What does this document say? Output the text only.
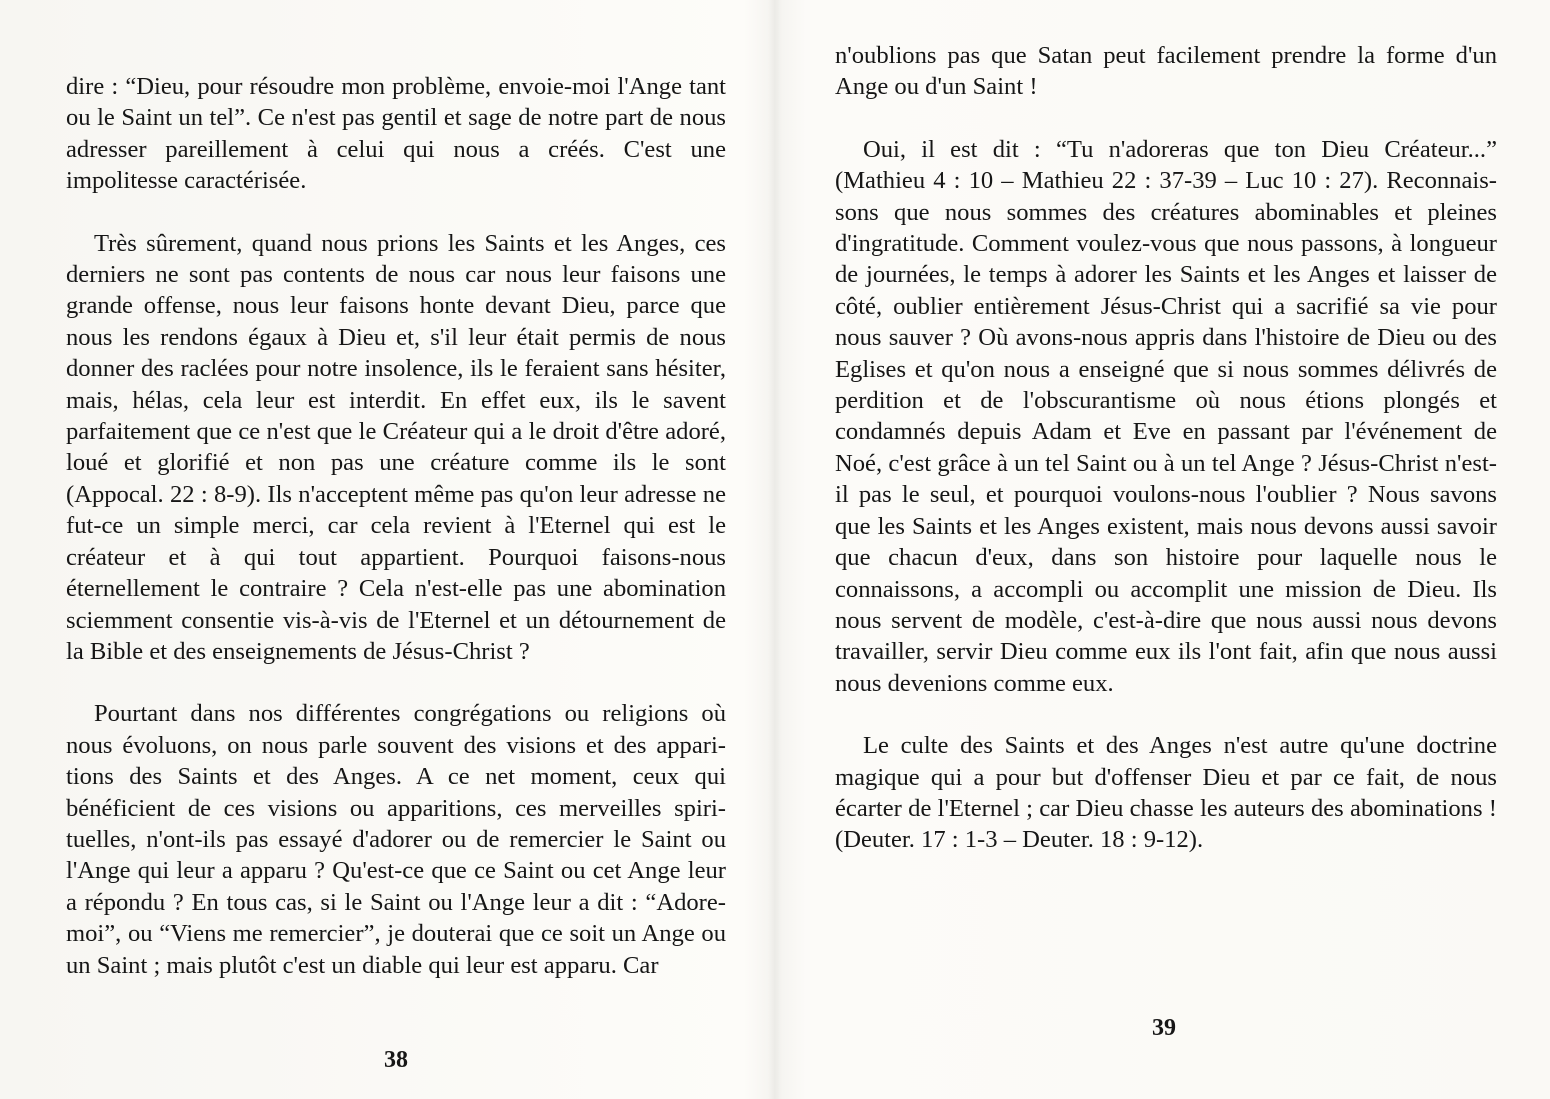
dire : “Dieu, pour résoudre mon problème, envoie-moi l'Ange tant ou le Saint un tel”. Ce n'est pas gentil et sage de notre part de nous adresser pareillement à celui qui nous a créés. C'est une impolitesse caractérisée.

Très sûrement, quand nous prions les Saints et les Anges, ces derniers ne sont pas contents de nous car nous leur faisons une grande offense, nous leur faisons honte devant Dieu, parce que nous les rendons égaux à Dieu et, s'il leur était permis de nous donner des raclées pour notre insolence, ils le feraient sans hésiter, mais, hélas, cela leur est interdit. En effet eux, ils le savent parfaitement que ce n'est que le Créateur qui a le droit d'être adoré, loué et glorifié et non pas une créature comme ils le sont (Appocal. 22 : 8-9). Ils n'acceptent même pas qu'on leur adresse ne fut-ce un simple merci, car cela revient à l'Eternel qui est le créateur et à qui tout appartient. Pourquoi faisons-nous éternellement le contraire ? Cela n'est-elle pas une abomination sciemment consentie vis-à-vis de l'Eternel et un détournement de la Bible et des enseignements de Jésus-Christ ?

Pourtant dans nos différentes congrégations ou religions où nous évoluons, on nous parle souvent des visions et des apparitions des Saints et des Anges. A ce net moment, ceux qui bénéficient de ces visions ou apparitions, ces merveilles spirituelles, n'ont-ils pas essayé d'adorer ou de remercier le Saint ou l'Ange qui leur a apparu ? Qu'est-ce que ce Saint ou cet Ange leur a répondu ? En tous cas, si le Saint ou l'Ange leur a dit : “Adoremoi”, ou “Viens me remercier”, je douterai que ce soit un Ange ou un Saint ; mais plutôt c'est un diable qui leur est apparu. Car

38

n'oublions pas que Satan peut facilement prendre la forme d'un Ange ou d'un Saint !

Oui, il est dit : “Tu n'adoreras que ton Dieu Créateur...” (Mathieu 4 : 10 – Mathieu 22 : 37-39 – Luc 10 : 27). Reconnaissons que nous sommes des créatures abominables et pleines d'ingratitude. Comment voulez-vous que nous passons, à longueur de journées, le temps à adorer les Saints et les Anges et laisser de côté, oublier entièrement Jésus-Christ qui a sacrifié sa vie pour nous sauver ? Où avons-nous appris dans l'histoire de Dieu ou des Eglises et qu'on nous a enseigné que si nous sommes délivrés de perdition et de l'obscurantisme où nous étions plongés et condamnés depuis Adam et Eve en passant par l'événement de Noé, c'est grâce à un tel Saint ou à un tel Ange ? Jésus-Christ n'est-il pas le seul, et pourquoi voulons-nous l'oublier ? Nous savons que les Saints et les Anges existent, mais nous devons aussi savoir que chacun d'eux, dans son histoire pour laquelle nous le connaissons, a accompli ou accomplit une mission de Dieu. Ils nous servent de modèle, c'est-à-dire que nous aussi nous devons travailler, servir Dieu comme eux ils l'ont fait, afin que nous aussi nous devenions comme eux.

Le culte des Saints et des Anges n'est autre qu'une doctrine magique qui a pour but d'offenser Dieu et par ce fait, de nous écarter de l'Eternel ; car Dieu chasse les auteurs des abominations ! (Deuter. 17 : 1-3 – Deuter. 18 : 9-12).

39
